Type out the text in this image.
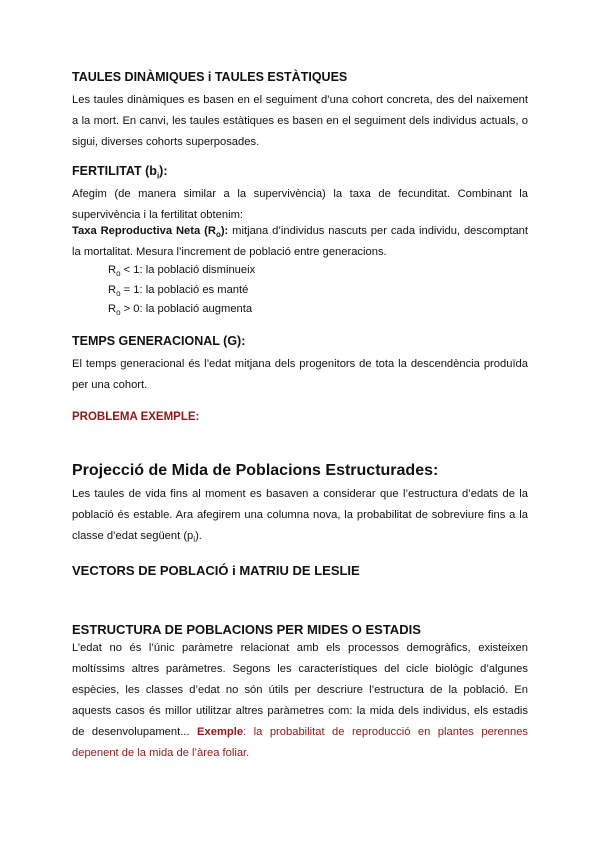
TAULES DINÀMIQUES i TAULES ESTÀTIQUES
Les taules dinàmiques es basen en el seguiment d’una cohort concreta, des del naixement a la mort. En canvi, les taules estàtiques es basen en el seguiment dels individus actuals, o sigui, diverses cohorts superposades.
FERTILITAT $(b_i)$:
Afegim (de manera similar a la supervivència) la taxa de fecunditat. Combinant la supervivència i la fertilitat obtenim:
Taxa Reproductiva Neta $(R_o)$: mitjana d’individus nascuts per cada individu, descomptant la mortalitat. Mesura l’increment de població entre generacions.
$R_o < 1$: la població disminueix
$R_o = 1$: la població es manté
$R_o > 0$: la població augmenta
TEMPS GENERACIONAL (G):
El temps generacional és l’edat mitjana dels progenitors de tota la descendència produïda per una cohort.
PROBLEMA EXEMPLE:
Projecció de Mida de Poblacions Estructurades:
Les taules de vida fins al moment es basaven a considerar que l’estructura d’edats de la població és estable. Ara afegirem una columna nova, la probabilitat de sobreviure fins a la classe d’edat següent $(p_i)$.
VECTORS DE POBLACIÓ i MATRIU DE LESLIE
ESTRUCTURA DE POBLACIONS PER MIDES O ESTADIS
L’edat no és l’únic paràmetre relacionat amb els processos demogràfics, existeixen moltíssims altres paràmetres. Segons les característiques del cicle biològic d’algunes espècies, les classes d’edat no són útils per descriure l’estructura de la població. En aquests casos és millor utilitzar altres paràmetres com: la mida dels individus, els estadis de desenvolupament... Exemple: la probabilitat de reproducció en plantes perennes depenent de la mida de l’àrea foliar.
